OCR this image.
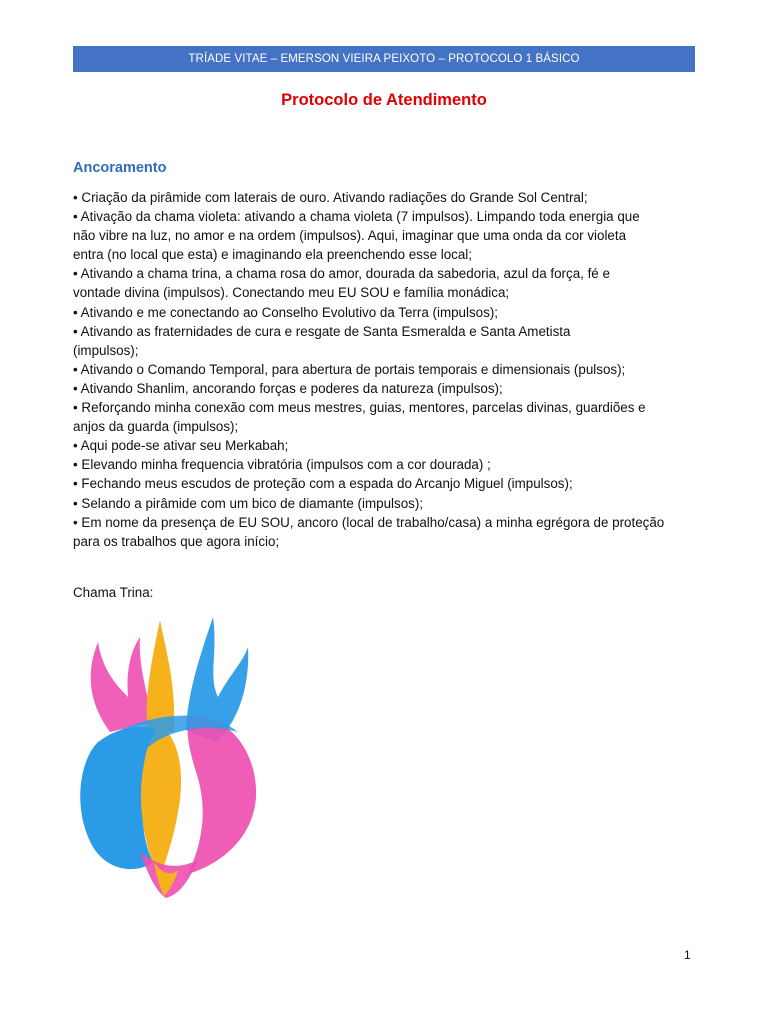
TRÍADE VITAE – EMERSON VIEIRA PEIXOTO – PROTOCOLO 1 BÁSICO
Protocolo de Atendimento
Ancoramento
• Criação da pirâmide com laterais de ouro. Ativando radiações do Grande Sol Central;
• Ativação da chama violeta: ativando a chama violeta (7 impulsos). Limpando toda energia que
não vibre na luz, no amor e na ordem (impulsos). Aqui, imaginar que uma onda da cor violeta
entra (no local que esta) e imaginando ela preenchendo esse local;
• Ativando a chama trina, a chama rosa do amor, dourada da sabedoria, azul da força, fé e
vontade divina (impulsos). Conectando meu EU SOU e família monádica;
• Ativando e me conectando ao Conselho Evolutivo da Terra (impulsos);
• Ativando as fraternidades de cura e resgate de Santa Esmeralda e Santa Ametista
(impulsos);
• Ativando o Comando Temporal, para abertura de portais temporais e dimensionais (pulsos);
• Ativando Shanlim, ancorando forças e poderes da natureza (impulsos);
• Reforçando minha conexão com meus mestres, guias, mentores, parcelas divinas, guardiões e
anjos da guarda (impulsos);
• Aqui pode-se ativar seu Merkabah;
• Elevando minha frequencia vibratória (impulsos com a cor dourada) ;
• Fechando meus escudos de proteção com a espada do Arcanjo Miguel (impulsos);
• Selando a pirâmide com um bico de diamante (impulsos);
• Em nome da presença de EU SOU, ancoro (local de trabalho/casa) a minha egrégora de proteção
para os trabalhos que agora início;
Chama Trina:
1
